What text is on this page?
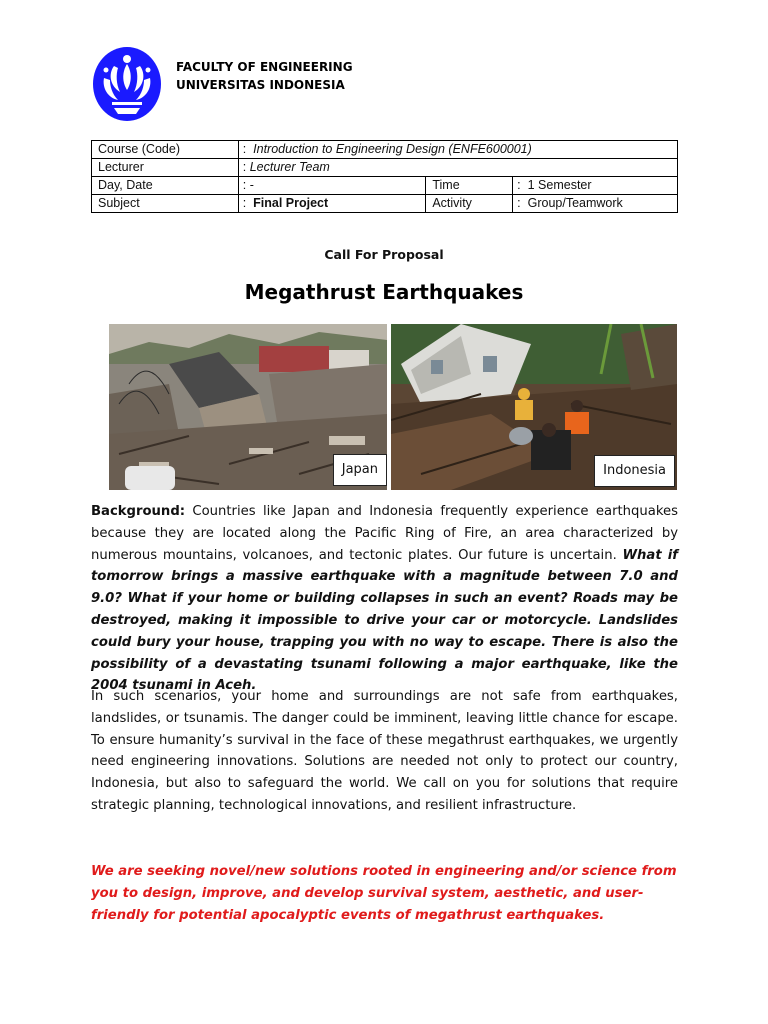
FACULTY OF ENGINEERING
UNIVERSITAS INDONESIA
Course (Code)	: Introduction to Engineering Design (ENFE600001)		
Lecturer	: Lecturer Team		
Day, Date	: -	Time	: 1 Semester
Subject	: Final Project	Activity	: Group/Teamwork
Call For Proposal
Megathrust Earthquakes
Japan	Indonesia

Background: Countries like Japan and Indonesia frequently experience earthquakes because they are located along the Pacific Ring of Fire, an area characterized by numerous mountains, volcanoes, and tectonic plates. Our future is uncertain. What if tomorrow brings a massive earthquake with a magnitude between 7.0 and 9.0? What if your home or building collapses in such an event? Roads may be destroyed, making it impossible to drive your car or motorcycle. Landslides could bury your house, trapping you with no way to escape. There is also the possibility of a devastating tsunami following a major earthquake, like the 2004 tsunami in Aceh.

In such scenarios, your home and surroundings are not safe from earthquakes, landslides, or tsunamis. The danger could be imminent, leaving little chance for escape. To ensure humanity’s survival in the face of these megathrust earthquakes, we urgently need engineering innovations. Solutions are needed not only to protect our country, Indonesia, but also to safeguard the world. We call on you for solutions that require strategic planning, technological innovations, and resilient infrastructure.

We are seeking novel/new solutions rooted in engineering and/or science from you to design, improve, and develop survival system, aesthetic, and user-friendly for potential apocalyptic events of megathrust earthquakes.
